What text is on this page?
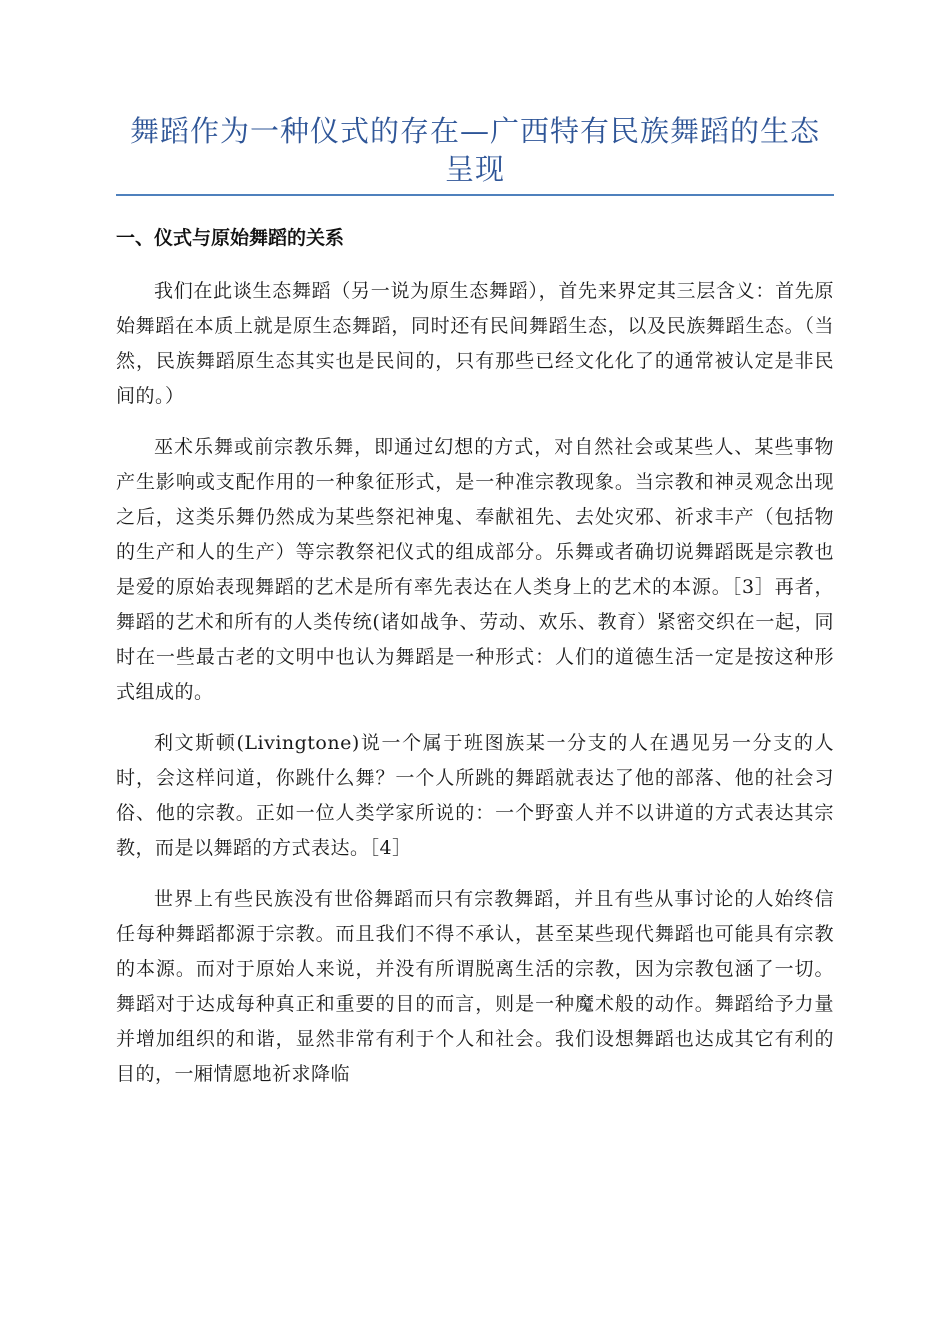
舞蹈作为一种仪式的存在—广西特有民族舞蹈的生态呈现
一、仪式与原始舞蹈的关系

我们在此谈生态舞蹈（另一说为原生态舞蹈），首先来界定其三层含义：首先原始舞蹈在本质上就是原生态舞蹈，同时还有民间舞蹈生态，以及民族舞蹈生态。（当然，民族舞蹈原生态其实也是民间的，只有那些已经文化化了的通常被认定是非民间的。）

巫术乐舞或前宗教乐舞，即通过幻想的方式，对自然社会或某些人、某些事物产生影响或支配作用的一种象征形式，是一种准宗教现象。当宗教和神灵观念出现之后，这类乐舞仍然成为某些祭祀神鬼、奉献祖先、去处灾邪、祈求丰产（包括物的生产和人的生产）等宗教祭祀仪式的组成部分。乐舞或者确切说舞蹈既是宗教也是爱的原始表现舞蹈的艺术是所有率先表达在人类身上的艺术的本源。［3］再者，舞蹈的艺术和所有的人类传统(诸如战争、劳动、欢乐、教育）紧密交织在一起，同时在一些最古老的文明中也认为舞蹈是一种形式：人们的道德生活一定是按这种形式组成的。

利文斯顿(Livingtone)说一个属于班图族某一分支的人在遇见另一分支的人时，会这样问道，你跳什么舞？一个人所跳的舞蹈就表达了他的部落、他的社会习俗、他的宗教。正如一位人类学家所说的：一个野蛮人并不以讲道的方式表达其宗教，而是以舞蹈的方式表达。［4］

世界上有些民族没有世俗舞蹈而只有宗教舞蹈，并且有些从事讨论的人始终信任每种舞蹈都源于宗教。而且我们不得不承认，甚至某些现代舞蹈也可能具有宗教的本源。而对于原始人来说，并没有所谓脱离生活的宗教，因为宗教包涵了一切。舞蹈对于达成每种真正和重要的目的而言，则是一种魔术般的动作。舞蹈给予力量并增加组织的和谐，显然非常有利于个人和社会。我们设想舞蹈也达成其它有利的目的，一厢情愿地祈求降临
